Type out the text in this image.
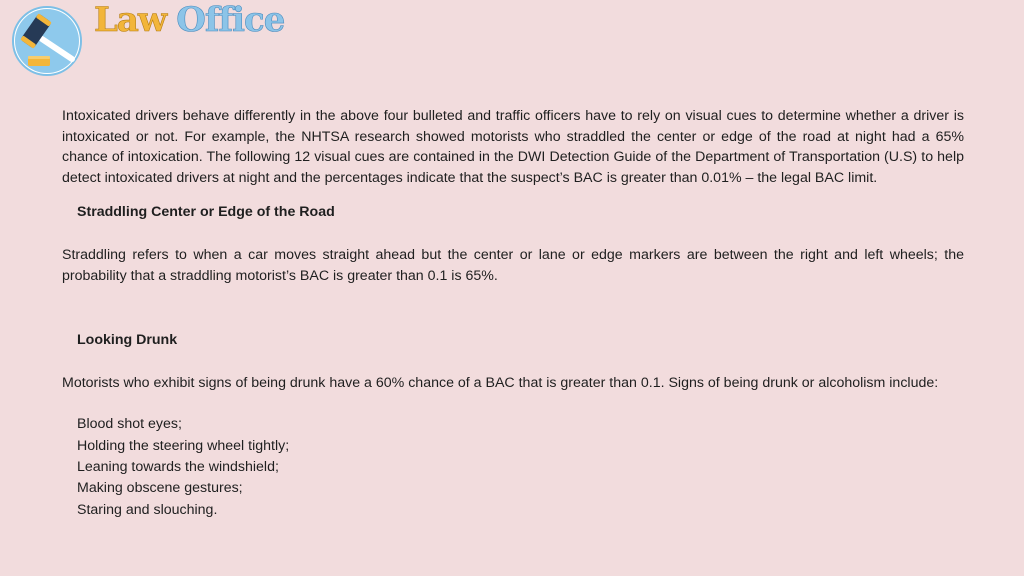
Law Office

Intoxicated drivers behave differently in the above four bulleted and traffic officers have to rely on visual cues to determine whether a driver is intoxicated or not. For example, the NHTSA research showed motorists who straddled the center or edge of the road at night had a 65% chance of intoxication. The following 12 visual cues are contained in the DWI Detection Guide of the Department of Transportation (U.S) to help detect intoxicated drivers at night and the percentages indicate that the suspect’s BAC is greater than 0.01% – the legal BAC limit.

Straddling Center or Edge of the Road

Straddling refers to when a car moves straight ahead but the center or lane or edge markers are between the right and left wheels; the probability that a straddling motorist’s BAC is greater than 0.1 is 65%.

Looking Drunk

Motorists who exhibit signs of being drunk have a 60% chance of a BAC that is greater than 0.1. Signs of being drunk or alcoholism include:

Blood shot eyes;
Holding the steering wheel tightly;
Leaning towards the windshield;
Making obscene gestures;
Staring and slouching.
